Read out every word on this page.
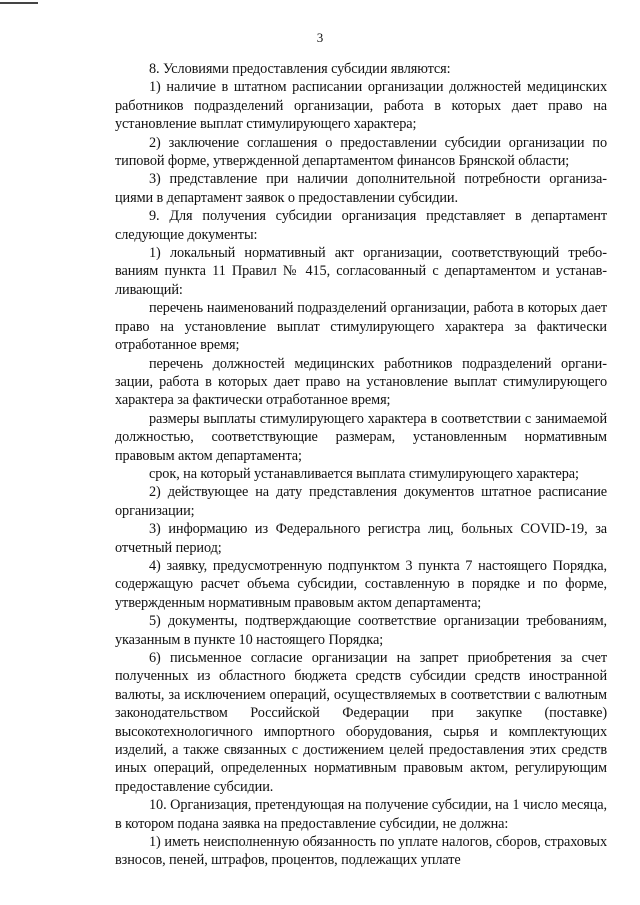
3

8. Условиями предоставления субсидии являются:

1) наличие в штатном расписании организации должностей медицинских работников подразделений организации, работа в которых дает право на установление выплат стимулирующего характера;

2) заключение соглашения о предоставлении субсидии организации по типовой форме, утвержденной департаментом финансов Брянской области;

3) представление при наличии дополнительной потребности организациями в департамент заявок о предоставлении субсидии.

9. Для получения субсидии организация представляет в департамент следующие документы:

1) локальный нормативный акт организации, соответствующий требованиям пункта 11 Правил № 415, согласованный с департаментом и устанавливающий:

перечень наименований подразделений организации, работа в которых дает право на установление выплат стимулирующего характера за фактически отработанное время;

перечень должностей медицинских работников подразделений организации, работа в которых дает право на установление выплат стимулирующего характера за фактически отработанное время;

размеры выплаты стимулирующего характера в соответствии с занимаемой должностью, соответствующие размерам, установленным нормативным правовым актом департамента;

срок, на который устанавливается выплата стимулирующего характера;

2) действующее на дату представления документов штатное расписание организации;

3) информацию из Федерального регистра лиц, больных COVID-19, за отчетный период;

4) заявку, предусмотренную подпунктом 3 пункта 7 настоящего Порядка, содержащую расчет объема субсидии, составленную в порядке и по форме, утвержденным нормативным правовым актом департамента;

5) документы, подтверждающие соответствие организации требованиям, указанным в пункте 10 настоящего Порядка;

6) письменное согласие организации на запрет приобретения за счет полученных из областного бюджета средств субсидии средств иностранной валюты, за исключением операций, осуществляемых в соответствии с валютным законодательством Российской Федерации при закупке (поставке) высокотехнологичного импортного оборудования, сырья и комплектующих изделий, а также связанных с достижением целей предоставления этих средств иных операций, определенных нормативным правовым актом, регулирующим предоставление субсидии.

10. Организация, претендующая на получение субсидии, на 1 число месяца, в котором подана заявка на предоставление субсидии, не должна:

1) иметь неисполненную обязанность по уплате налогов, сборов, страховых взносов, пеней, штрафов, процентов, подлежащих уплате
